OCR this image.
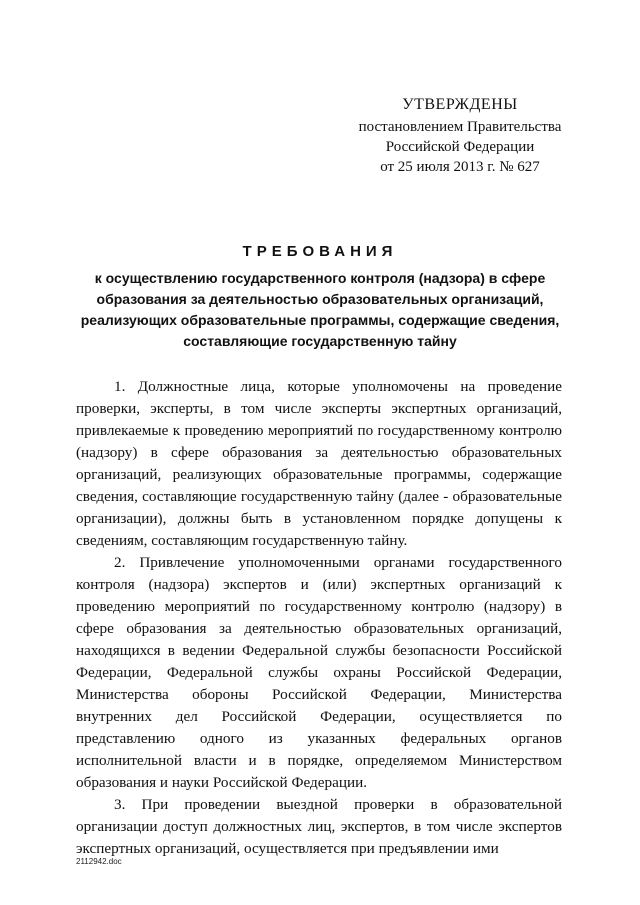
УТВЕРЖДЕНЫ
постановлением Правительства
Российской Федерации
от 25 июля 2013 г. № 627
ТРЕБОВАНИЯ
к осуществлению государственного контроля (надзора) в сфере образования за деятельностью образовательных организаций, реализующих образовательные программы, содержащие сведения, составляющие государственную тайну

1. Должностные лица, которые уполномочены на проведение проверки, эксперты, в том числе эксперты экспертных организаций, привлекаемые к проведению мероприятий по государственному контролю (надзору) в сфере образования за деятельностью образовательных организаций, реализующих образовательные программы, содержащие сведения, составляющие государственную тайну (далее - образовательные организации), должны быть в установленном порядке допущены к сведениям, составляющим государственную тайну.

2. Привлечение уполномоченными органами государственного контроля (надзора) экспертов и (или) экспертных организаций к проведению мероприятий по государственному контролю (надзору) в сфере образования за деятельностью образовательных организаций, находящихся в ведении Федеральной службы безопасности Российской Федерации, Федеральной службы охраны Российской Федерации, Министерства обороны Российской Федерации, Министерства внутренних дел Российской Федерации, осуществляется по представлению одного из указанных федеральных органов исполнительной власти и в порядке, определяемом Министерством образования и науки Российской Федерации.

3. При проведении выездной проверки в образовательной организации доступ должностных лиц, экспертов, в том числе экспертов экспертных организаций, осуществляется при предъявлении ими

2112942.doc
